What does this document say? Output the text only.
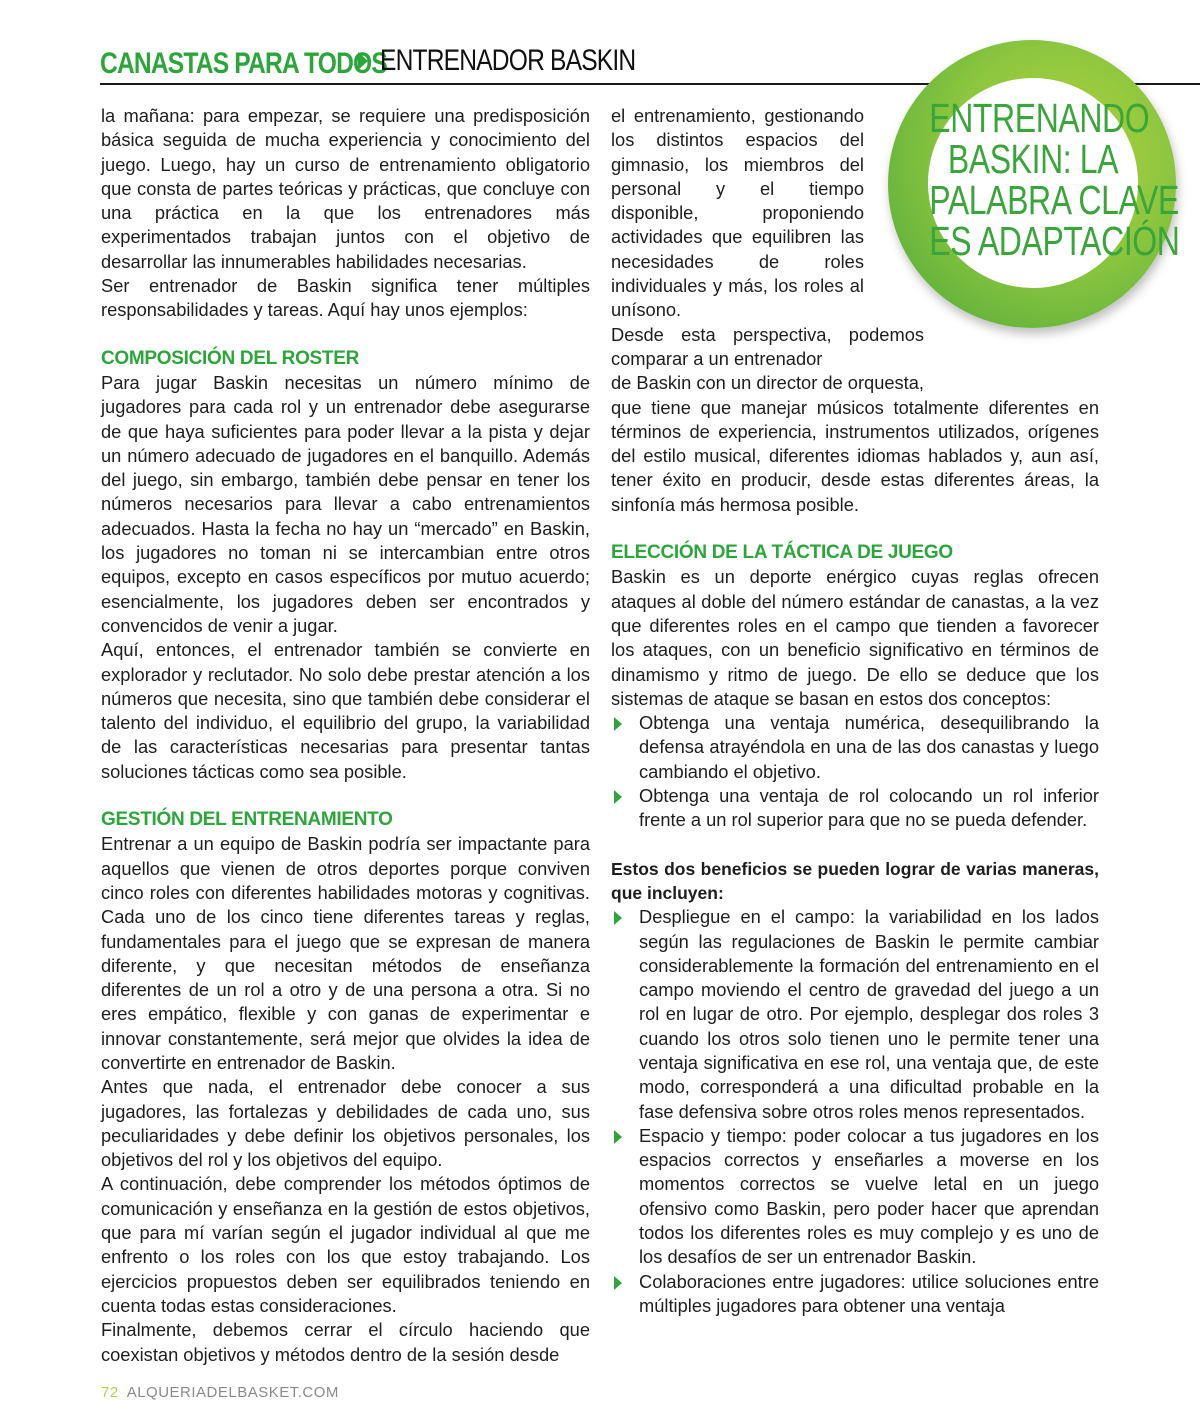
CANASTAS PARA TODOS
ENTRENADOR BASKIN

la mañana: para empezar, se requiere una predisposición básica seguida de mucha experiencia y conocimiento del juego. Luego, hay un curso de entrenamiento obligatorio que consta de partes teóricas y prácticas, que concluye con una práctica en la que los entrenadores más experimentados trabajan juntos con el objetivo de desarrollar las innumerables habilidades necesarias.

Ser entrenador de Baskin significa tener múltiples responsabilidades y tareas. Aquí hay unos ejemplos:

COMPOSICIÓN DEL ROSTER

Para jugar Baskin necesitas un número mínimo de jugadores para cada rol y un entrenador debe asegurarse de que haya suficientes para poder llevar a la pista y dejar un número adecuado de jugadores en el banquillo. Además del juego, sin embargo, también debe pensar en tener los números necesarios para llevar a cabo entrenamientos adecuados. Hasta la fecha no hay un “mercado” en Baskin, los jugadores no toman ni se intercambian entre otros equipos, excepto en casos específicos por mutuo acuerdo; esencialmente, los jugadores deben ser encontrados y convencidos de venir a jugar.

Aquí, entonces, el entrenador también se convierte en explorador y reclutador. No solo debe prestar atención a los números que necesita, sino que también debe considerar el talento del individuo, el equilibrio del grupo, la variabilidad de las características necesarias para presentar tantas soluciones tácticas como sea posible.

GESTIÓN DEL ENTRENAMIENTO

Entrenar a un equipo de Baskin podría ser impactante para aquellos que vienen de otros deportes porque conviven cinco roles con diferentes habilidades motoras y cognitivas. Cada uno de los cinco tiene diferentes tareas y reglas, fundamentales para el juego que se expresan de manera diferente, y que necesitan métodos de enseñanza diferentes de un rol a otro y de una persona a otra. Si no eres empático, flexible y con ganas de experimentar e innovar constantemente, será mejor que olvides la idea de convertirte en entrenador de Baskin.

Antes que nada, el entrenador debe conocer a sus jugadores, las fortalezas y debilidades de cada uno, sus peculiaridades y debe definir los objetivos personales, los objetivos del rol y los objetivos del equipo.

A continuación, debe comprender los métodos óptimos de comunicación y enseñanza en la gestión de estos objetivos, que para mí varían según el jugador individual al que me enfrento o los roles con los que estoy trabajando. Los ejercicios propuestos deben ser equilibrados teniendo en cuenta todas estas consideraciones.

Finalmente, debemos cerrar el círculo haciendo que coexistan objetivos y métodos dentro de la sesión desde

el entrenamiento, gestionando los distintos espacios del gimnasio, los miembros del personal y el tiempo disponible, proponiendo actividades que equilibren las necesidades de roles individuales y más, los roles al unísono.

Desde esta perspectiva, podemos comparar a un entrenador

de Baskin con un director de orquesta,

que tiene que manejar músicos totalmente diferentes en términos de experiencia, instrumentos utilizados, orígenes del estilo musical, diferentes idiomas hablados y, aun así, tener éxito en producir, desde estas diferentes áreas, la sinfonía más hermosa posible.

ELECCIÓN DE LA TÁCTICA DE JUEGO

Baskin es un deporte enérgico cuyas reglas ofrecen ataques al doble del número estándar de canastas, a la vez que diferentes roles en el campo que tienden a favorecer los ataques, con un beneficio significativo en términos de dinamismo y ritmo de juego. De ello se deduce que los sistemas de ataque se basan en estos dos conceptos:

Obtenga una ventaja numérica, desequilibrando la defensa atrayéndola en una de las dos canastas y luego cambiando el objetivo.
Obtenga una ventaja de rol colocando un rol inferior frente a un rol superior para que no se pueda defender.

Estos dos beneficios se pueden lograr de varias maneras, que incluyen:

Despliegue en el campo: la variabilidad en los lados según las regulaciones de Baskin le permite cambiar considerablemente la formación del entrenamiento en el campo moviendo el centro de gravedad del juego a un rol en lugar de otro. Por ejemplo, desplegar dos roles 3 cuando los otros solo tienen uno le permite tener una ventaja significativa en ese rol, una ventaja que, de este modo, corresponderá a una dificultad probable en la fase defensiva sobre otros roles menos representados.
Espacio y tiempo: poder colocar a tus jugadores en los espacios correctos y enseñarles a moverse en los momentos correctos se vuelve letal en un juego ofensivo como Baskin, pero poder hacer que aprendan todos los diferentes roles es muy complejo y es uno de los desafíos de ser un entrenador Baskin.
Colaboraciones entre jugadores: utilice soluciones entre múltiples jugadores para obtener una ventaja
ENTRENANDO
BASKIN: LA
PALABRA CLAVE
ES ADAPTACIÓN
72 ALQUERIADELBASKET.COM
